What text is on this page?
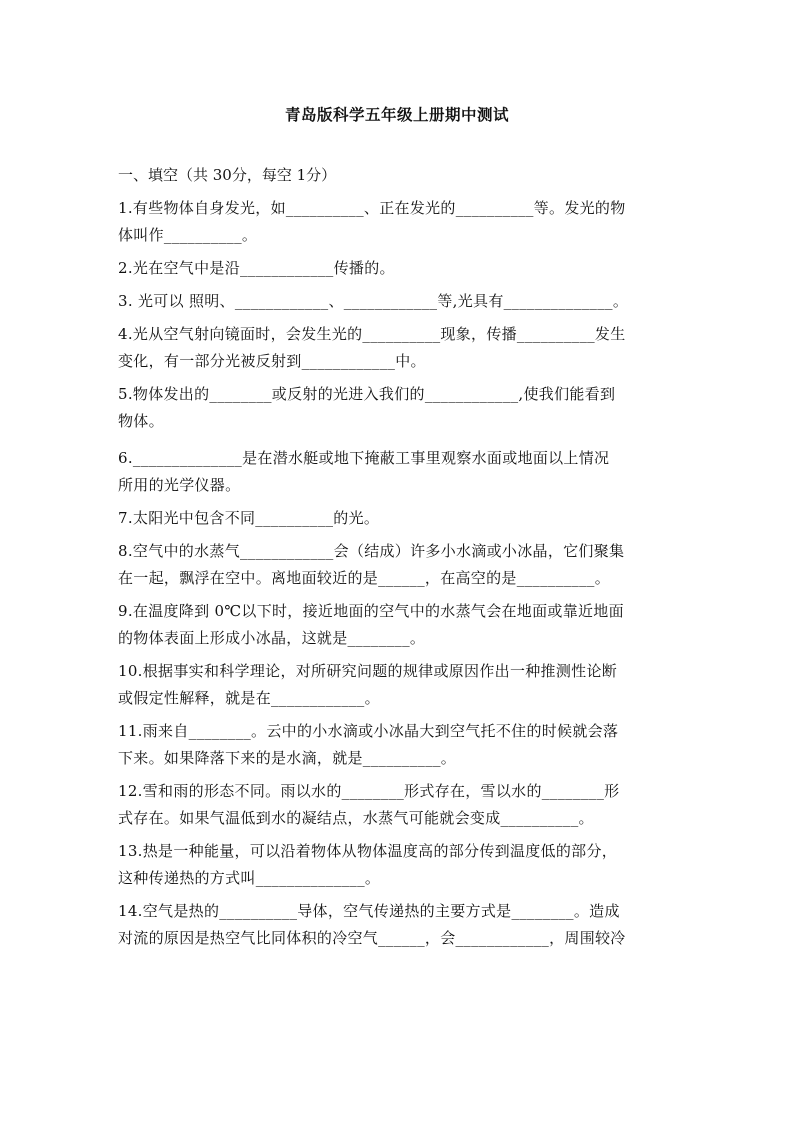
青岛版科学五年级上册期中测试
一、填空（共 30分，每空 1分）
1.有些物体自身发光，如__________、正在发光的__________等。发光的物
体叫作__________。
2.光在空气中是沿____________传播的。
3. 光可以 照明、____________、____________等,光具有______________。
4.光从空气射向镜面时，会发生光的__________现象，传播__________发生
变化，有一部分光被反射到____________中。
5.物体发出的________或反射的光进入我们的____________,使我们能看到
物体。
6.______________是在潜水艇或地下掩蔽工事里观察水面或地面以上情况
所用的光学仪器。
7.太阳光中包含不同__________的光。
8.空气中的水蒸气____________会（结成）许多小水滴或小冰晶，它们聚集
在一起，飘浮在空中。离地面较近的是______，在高空的是__________。
9.在温度降到 0℃以下时，接近地面的空气中的水蒸气会在地面或靠近地面
的物体表面上形成小冰晶，这就是________。
10.根据事实和科学理论，对所研究问题的规律或原因作出一种推测性论断
或假定性解释，就是在____________。
11.雨来自________。云中的小水滴或小冰晶大到空气托不住的时候就会落
下来。如果降落下来的是水滴，就是__________。
12.雪和雨的形态不同。雨以水的________形式存在，雪以水的________形
式存在。如果气温低到水的凝结点，水蒸气可能就会变成__________。
13.热是一种能量，可以沿着物体从物体温度高的部分传到温度低的部分，
这种传递热的方式叫______________。
14.空气是热的__________导体，空气传递热的主要方式是________。造成
对流的原因是热空气比同体积的冷空气______，会____________，周围较冷
